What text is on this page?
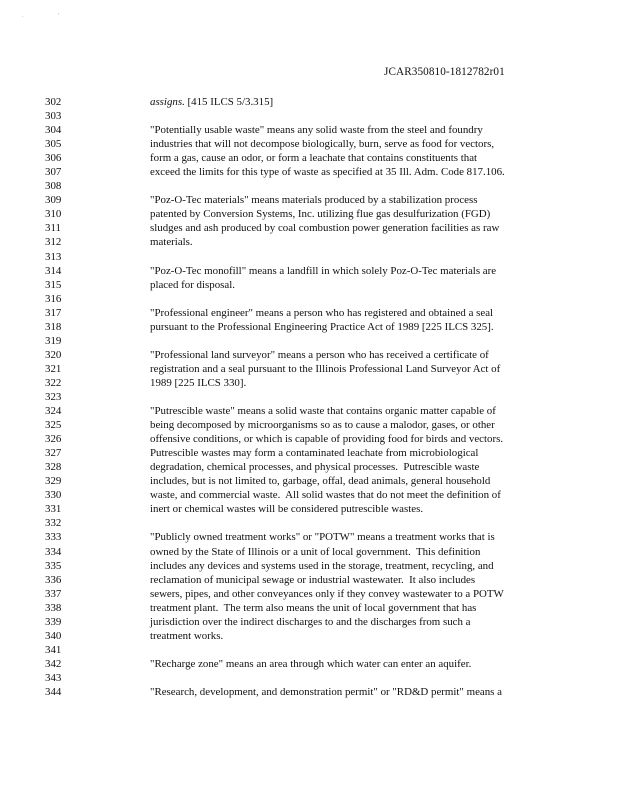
.	'
JCAR350810-1812782r01
302	assigns. [415 ILCS 5/3.315]
303
304	"Potentially usable waste" means any solid waste from the steel and foundry
305	industries that will not decompose biologically, burn, serve as food for vectors,
306	form a gas, cause an odor, or form a leachate that contains constituents that
307	exceed the limits for this type of waste as specified at 35 Ill. Adm. Code 817.106.
308
309	"Poz-O-Tec materials" means materials produced by a stabilization process
310	patented by Conversion Systems, Inc. utilizing flue gas desulfurization (FGD)
311	sludges and ash produced by coal combustion power generation facilities as raw
312	materials.
313
314	"Poz-O-Tec monofill" means a landfill in which solely Poz-O-Tec materials are
315	placed for disposal.
316
317	"Professional engineer" means a person who has registered and obtained a seal
318	pursuant to the Professional Engineering Practice Act of 1989 [225 ILCS 325].
319
320	"Professional land surveyor" means a person who has received a certificate of
321	registration and a seal pursuant to the Illinois Professional Land Surveyor Act of
322	1989 [225 ILCS 330].
323
324	"Putrescible waste" means a solid waste that contains organic matter capable of
325	being decomposed by microorganisms so as to cause a malodor, gases, or other
326	offensive conditions, or which is capable of providing food for birds and vectors.
327	Putrescible wastes may form a contaminated leachate from microbiological
328	degradation, chemical processes, and physical processes.  Putrescible waste
329	includes, but is not limited to, garbage, offal, dead animals, general household
330	waste, and commercial waste.  All solid wastes that do not meet the definition of
331	inert or chemical wastes will be considered putrescible wastes.
332
333	"Publicly owned treatment works" or "POTW" means a treatment works that is
334	owned by the State of Illinois or a unit of local government.  This definition
335	includes any devices and systems used in the storage, treatment, recycling, and
336	reclamation of municipal sewage or industrial wastewater.  It also includes
337	sewers, pipes, and other conveyances only if they convey wastewater to a POTW
338	treatment plant.  The term also means the unit of local government that has
339	jurisdiction over the indirect discharges to and the discharges from such a
340	treatment works.
341
342	"Recharge zone" means an area through which water can enter an aquifer.
343
344	"Research, development, and demonstration permit" or "RD&D permit" means a
